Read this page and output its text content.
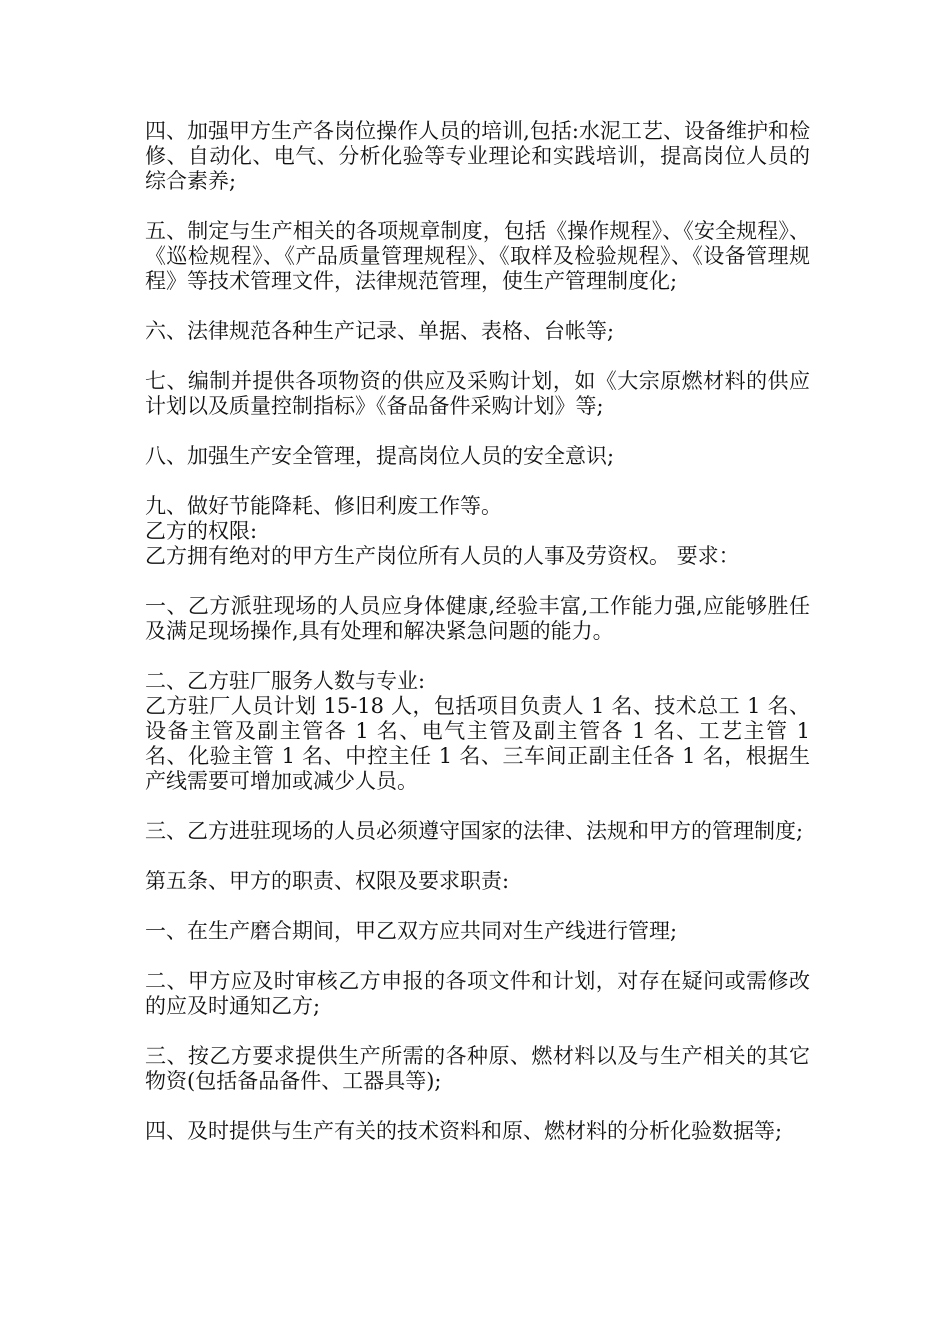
四、加强甲方生产各岗位操作人员的培训,包括:水泥工艺、设备维护和检修、自动化、电气、分析化验等专业理论和实践培训，提高岗位人员的综合素养;

五、制定与生产相关的各项规章制度，包括《操作规程》、《安全规程》、《巡检规程》、《产品质量管理规程》、《取样及检验规程》、《设备管理规程》等技术管理文件，法律规范管理，使生产管理制度化;

六、法律规范各种生产记录、单据、表格、台帐等;

七、编制并提供各项物资的供应及采购计划，如《大宗原燃材料的供应计划以及质量控制指标》《备品备件采购计划》等;

八、加强生产安全管理，提高岗位人员的安全意识;

九、做好节能降耗、修旧利废工作等。

乙方的权限:

乙方拥有绝对的甲方生产岗位所有人员的人事及劳资权。 要求：

一、乙方派驻现场的人员应身体健康,经验丰富,工作能力强,应能够胜任及满足现场操作,具有处理和解决紧急问题的能力。

二、乙方驻厂服务人数与专业:

乙方驻厂人员计划 15-18 人，包括项目负责人 1 名、技术总工 1 名、设备主管及副主管各 1 名、电气主管及副主管各 1 名、工艺主管 1 名、化验主管 1 名、中控主任 1 名、三车间正副主任各 1 名，根据生产线需要可增加或减少人员。

三、乙方进驻现场的人员必须遵守国家的法律、法规和甲方的管理制度;

第五条、甲方的职责、权限及要求职责:

一、在生产磨合期间，甲乙双方应共同对生产线进行管理;

二、甲方应及时审核乙方申报的各项文件和计划，对存在疑问或需修改的应及时通知乙方;

三、按乙方要求提供生产所需的各种原、燃材料以及与生产相关的其它物资(包括备品备件、工器具等);

四、及时提供与生产有关的技术资料和原、燃材料的分析化验数据等;
